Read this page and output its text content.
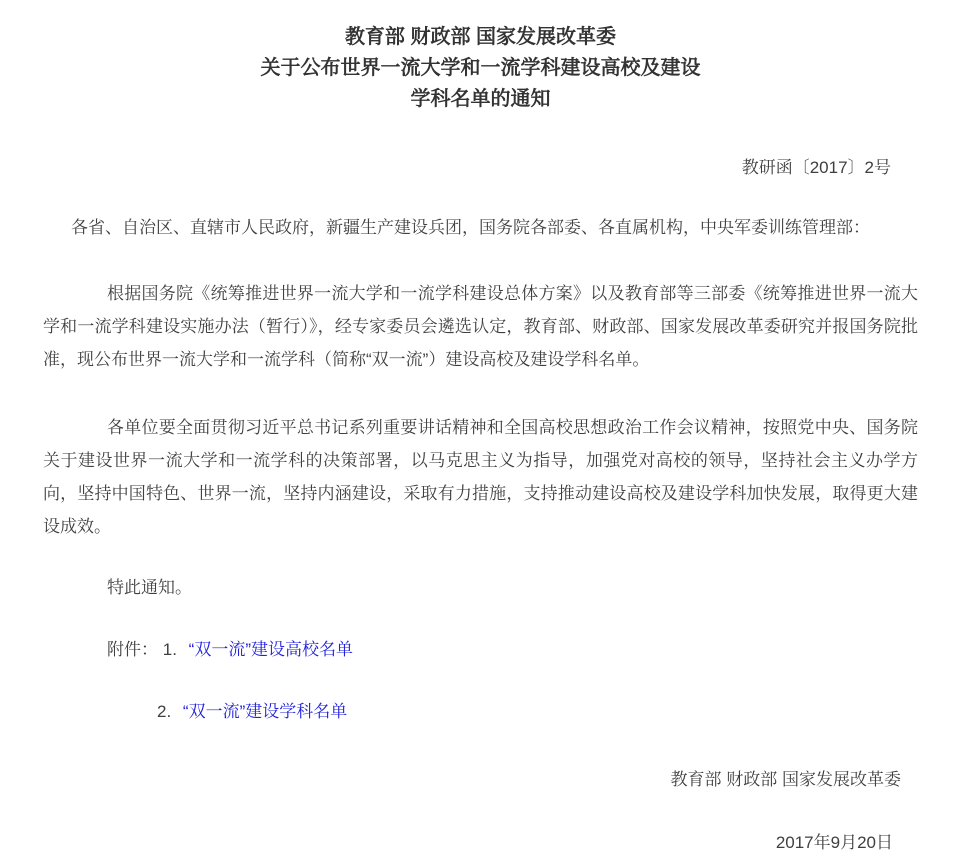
教育部 财政部 国家发展改革委
关于公布世界一流大学和一流学科建设高校及建设
学科名单的通知
教研函〔2017〕2号

各省、自治区、直辖市人民政府，新疆生产建设兵团，国务院各部委、各直属机构，中央军委训练管理部：

根据国务院《统筹推进世界一流大学和一流学科建设总体方案》以及教育部等三部委《统筹推进世界一流大学和一流学科建设实施办法（暂行）》，经专家委员会遴选认定，教育部、财政部、国家发展改革委研究并报国务院批准，现公布世界一流大学和一流学科（简称“双一流”）建设高校及建设学科名单。

各单位要全面贯彻习近平总书记系列重要讲话精神和全国高校思想政治工作会议精神，按照党中央、国务院关于建设世界一流大学和一流学科的决策部署，以马克思主义为指导，加强党对高校的领导，坚持社会主义办学方向，坚持中国特色、世界一流，坚持内涵建设，采取有力措施，支持推动建设高校及建设学科加快发展，取得更大建设成效。

特此通知。

附件： 1. “双一流”建设高校名单
2. “双一流”建设学科名单
教育部 财政部 国家发展改革委
2017年9月20日
